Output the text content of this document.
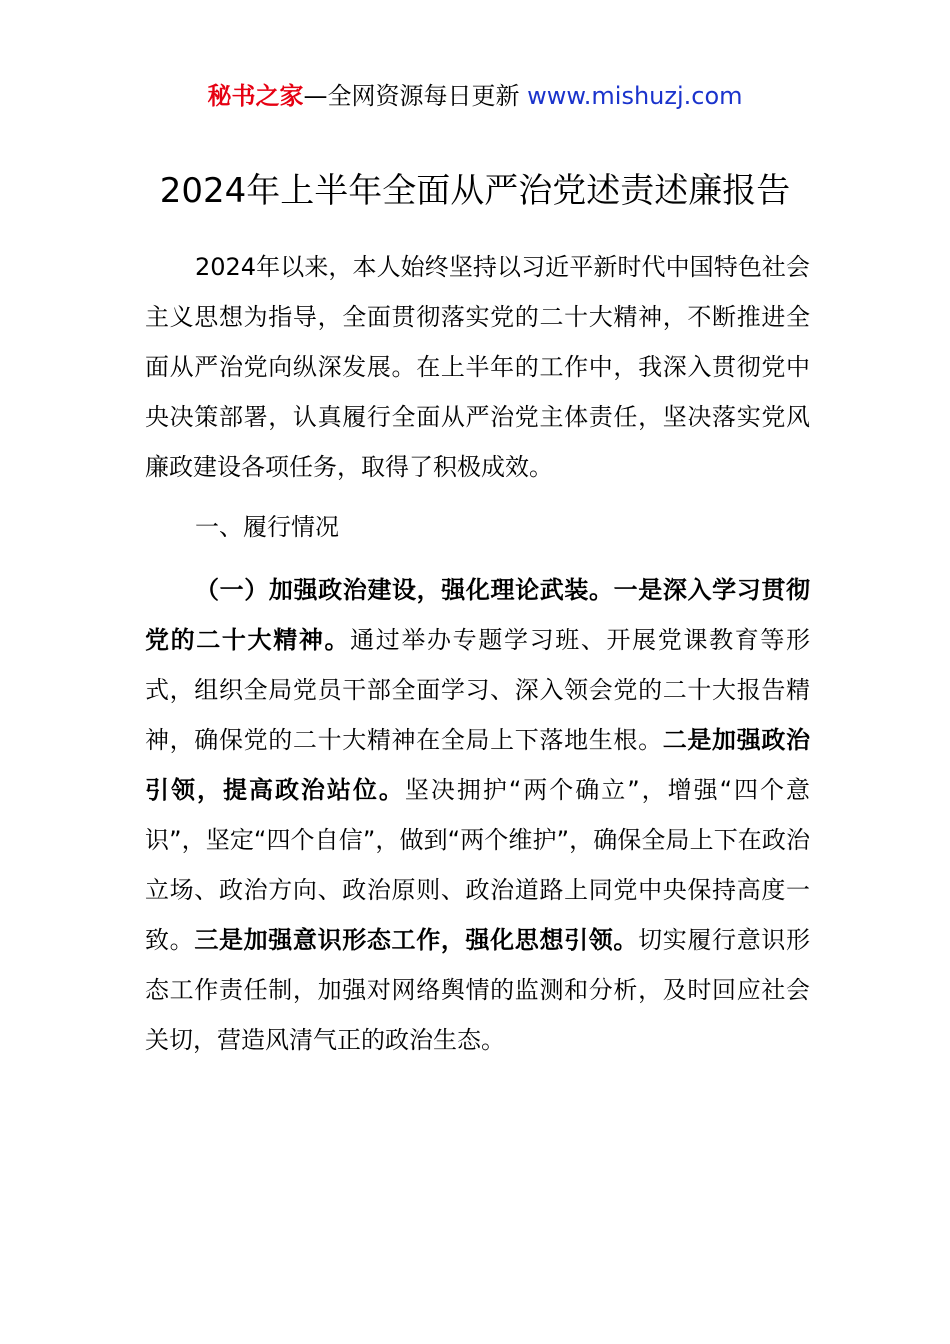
秘书之家—全网资源每日更新 www.mishuzj.com
2024年上半年全面从严治党述责述廉报告

2024年以来，本人始终坚持以习近平新时代中国特色社会主义思想为指导，全面贯彻落实党的二十大精神，不断推进全面从严治党向纵深发展。在上半年的工作中，我深入贯彻党中央决策部署，认真履行全面从严治党主体责任，坚决落实党风廉政建设各项任务，取得了积极成效。

一、履行情况

（一）加强政治建设，强化理论武装。一是深入学习贯彻党的二十大精神。通过举办专题学习班、开展党课教育等形式，组织全局党员干部全面学习、深入领会党的二十大报告精神，确保党的二十大精神在全局上下落地生根。二是加强政治引领，提高政治站位。坚决拥护“两个确立”，增强“四个意识”，坚定“四个自信”，做到“两个维护”，确保全局上下在政治立场、政治方向、政治原则、政治道路上同党中央保持高度一致。三是加强意识形态工作，强化思想引领。切实履行意识形态工作责任制，加强对网络舆情的监测和分析，及时回应社会关切，营造风清气正的政治生态。
